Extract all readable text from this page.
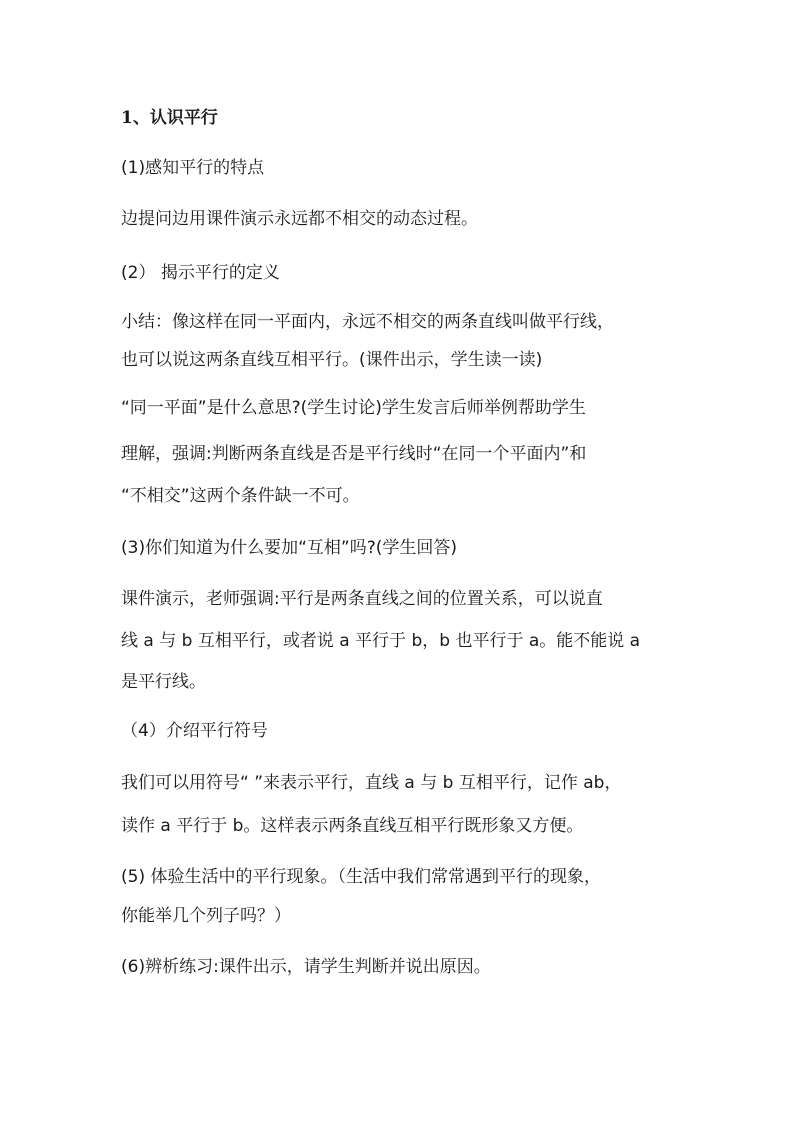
1、认识平行
(1)感知平行的特点
边提问边用课件演示永远都不相交的动态过程。
(2） 揭示平行的定义
小结：像这样在同一平面内，永远不相交的两条直线叫做平行线，
也可以说这两条直线互相平行。(课件出示，学生读一读)
“同一平面”是什么意思?(学生讨论)学生发言后师举例帮助学生
理解，强调:判断两条直线是否是平行线时“在同一个平面内”和
“不相交”这两个条件缺一不可。
(3)你们知道为什么要加“互相”吗?(学生回答)
课件演示，老师强调:平行是两条直线之间的位置关系，可以说直
线 a 与 b 互相平行，或者说 a 平行于 b，b 也平行于 a。能不能说 a
是平行线。
（4）介绍平行符号
我们可以用符号“ ”来表示平行，直线 a 与 b 互相平行，记作 ab，
读作 a 平行于 b。这样表示两条直线互相平行既形象又方便。
(5) 体验生活中的平行现象。（生活中我们常常遇到平行的现象，
你能举几个列子吗？）
(6)辨析练习:课件出示，请学生判断并说出原因。
